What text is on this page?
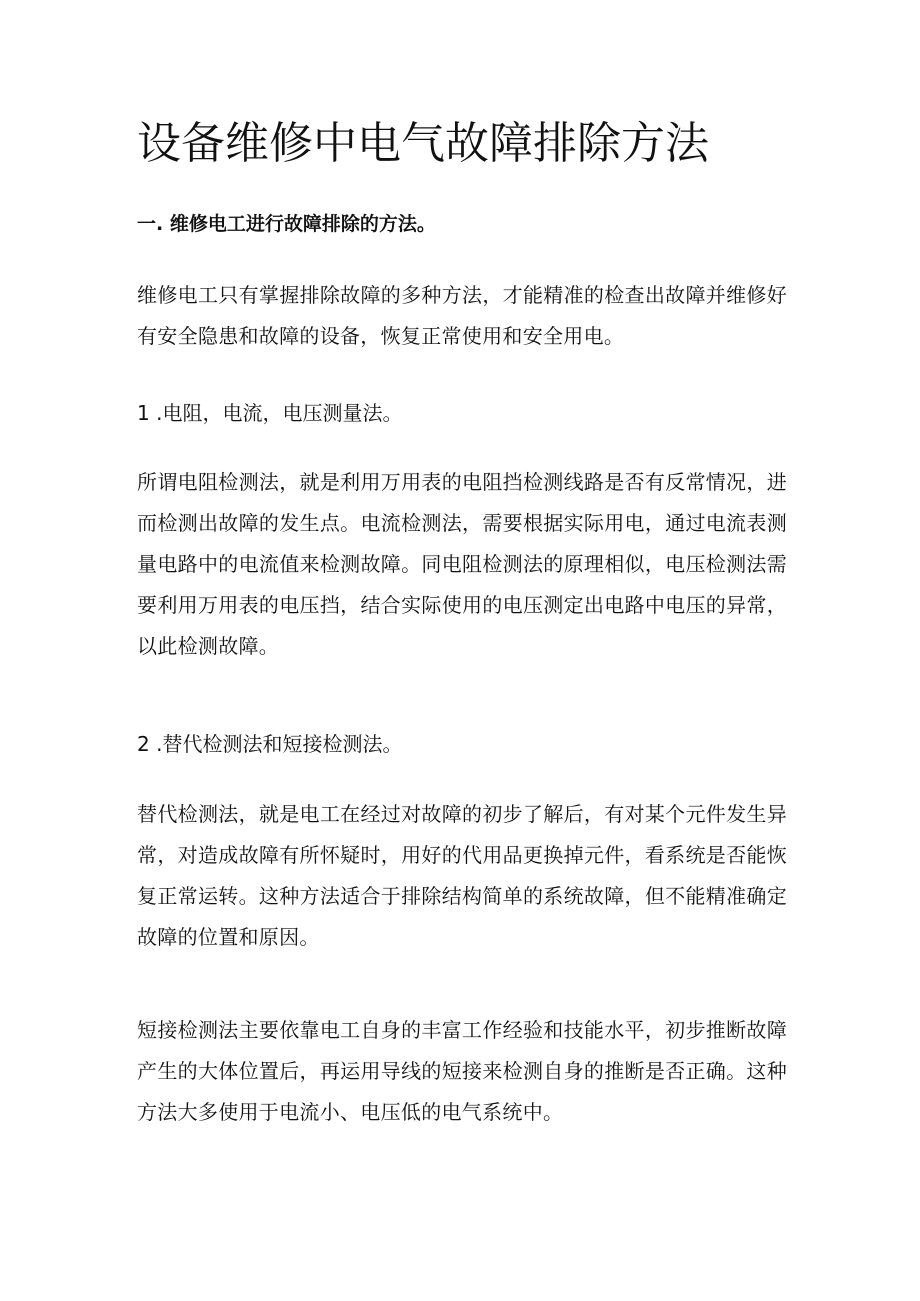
设备维修中电气故障排除方法

一. 维修电工进行故障排除的方法。

维修电工只有掌握排除故障的多种方法，才能精准的检查出故障并维修好有安全隐患和故障的设备，恢复正常使用和安全用电。

1 .电阻，电流，电压测量法。

所谓电阻检测法，就是利用万用表的电阻挡检测线路是否有反常情况，进而检测出故障的发生点。电流检测法，需要根据实际用电，通过电流表测量电路中的电流值来检测故障。同电阻检测法的原理相似，电压检测法需要利用万用表的电压挡，结合实际使用的电压测定出电路中电压的异常，以此检测故障。

2 .替代检测法和短接检测法。

替代检测法，就是电工在经过对故障的初步了解后，有对某个元件发生异常，对造成故障有所怀疑时，用好的代用品更换掉元件，看系统是否能恢复正常运转。这种方法适合于排除结构简单的系统故障，但不能精准确定故障的位置和原因。

短接检测法主要依靠电工自身的丰富工作经验和技能水平，初步推断故障产生的大体位置后，再运用导线的短接来检测自身的推断是否正确。这种方法大多使用于电流小、电压低的电气系统中。
